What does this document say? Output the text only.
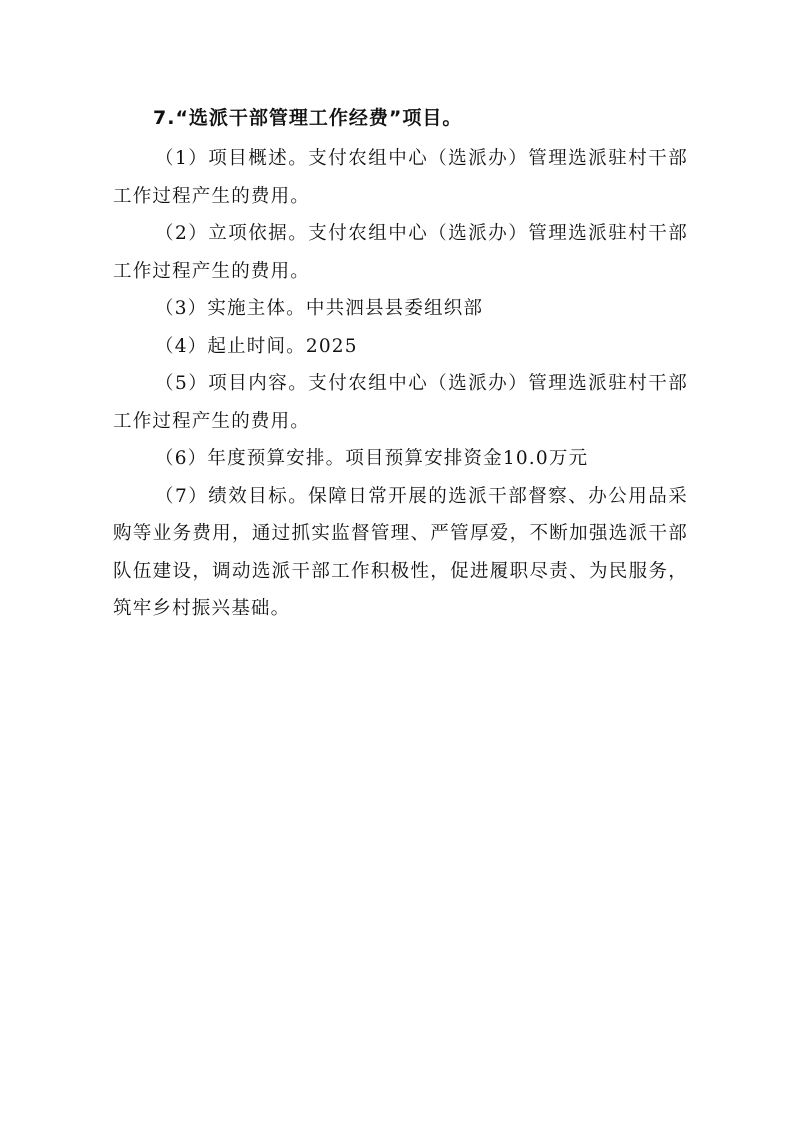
7.“选派干部管理工作经费”项目。

（1）项目概述。支付农组中心（选派办）管理选派驻村干部工作过程产生的费用。

（2）立项依据。支付农组中心（选派办）管理选派驻村干部工作过程产生的费用。

（3）实施主体。中共泗县县委组织部

（4）起止时间。2025

（5）项目内容。支付农组中心（选派办）管理选派驻村干部工作过程产生的费用。

（6）年度预算安排。项目预算安排资金10.0万元

（7）绩效目标。保障日常开展的选派干部督察、办公用品采购等业务费用，通过抓实监督管理、严管厚爱，不断加强选派干部队伍建设，调动选派干部工作积极性，促进履职尽责、为民服务，筑牢乡村振兴基础。
